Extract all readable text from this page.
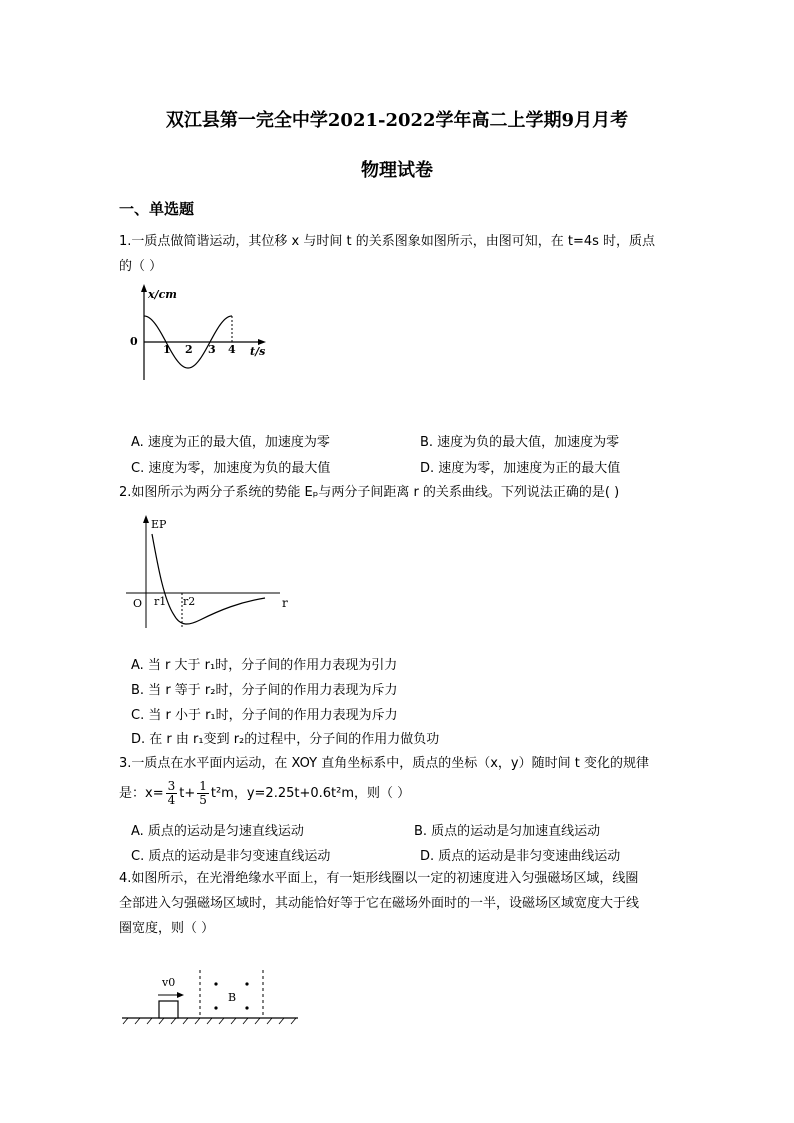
双江县第一完全中学2021-2022学年高二上学期9月月考
物理试卷
一、单选题
1.一质点做简谐运动，其位移 x 与时间 t 的关系图象如图所示，由图可知，在 t=4s 时，质点
的（ ）
x/cm
0
1 2 3 4 t/s
A. 速度为正的最大值，加速度为零	B. 速度为负的最大值，加速度为零
C. 速度为零，加速度为负的最大值	D. 速度为零，加速度为正的最大值
2.如图所示为两分子系统的势能 Eₚ与两分子间距离 r 的关系曲线。下列说法正确的是( )
EP
O r1 r2	r
A. 当 r 大于 r₁时，分子间的作用力表现为引力
B. 当 r 等于 r₂时，分子间的作用力表现为斥力
C. 当 r 小于 r₁时，分子间的作用力表现为斥力
D. 在 r 由 r₁变到 r₂的过程中，分子间的作用力做负功
3.一质点在水平面内运动，在 XOY 直角坐标系中，质点的坐标（x，y）随时间 t 变化的规律
是：$x= \frac{3}{4} t+ \frac{1}{5} t^2m$，y=2.25t+0.6t²m，则（ ）
A. 质点的运动是匀速直线运动	B. 质点的运动是匀加速直线运动
C. 质点的运动是非匀变速直线运动	D. 质点的运动是非匀变速曲线运动
4.如图所示，在光滑绝缘水平面上，有一矩形线圈以一定的初速度进入匀强磁场区域，线圈
全部进入匀强磁场区域时，其动能恰好等于它在磁场外面时的一半，设磁场区域宽度大于线
圈宽度，则（ ）
v0
B
